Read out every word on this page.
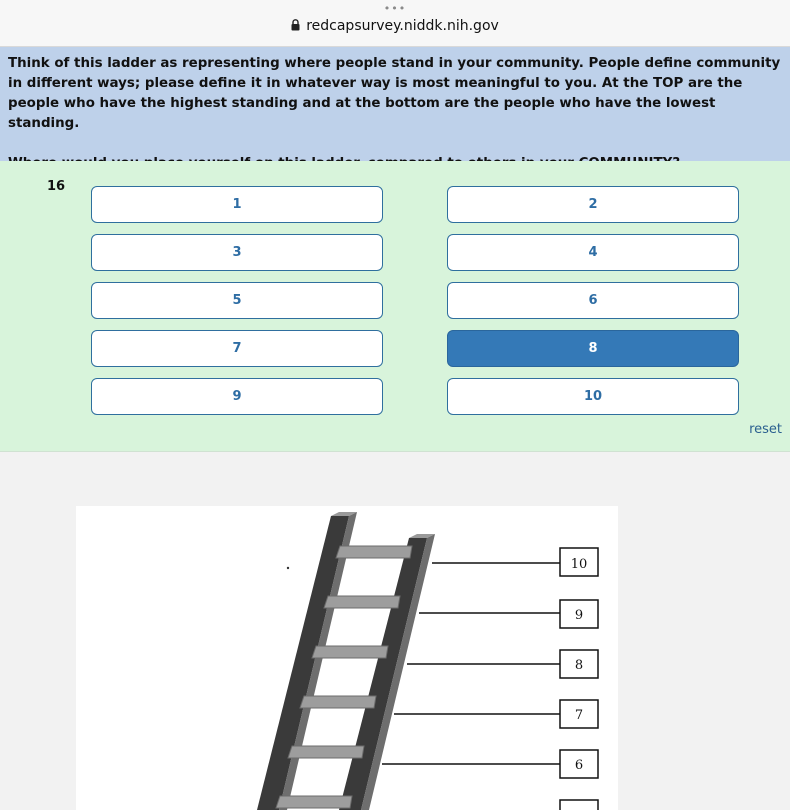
•••
redcapsurvey.niddk.nih.gov
Think of this ladder as representing where people stand in your community. People define community in different ways; please define it in whatever way is most meaningful to you. At the TOP are the people who have the highest standing and at the bottom are the people who have the lowest standing.
16
1	2
3	4
5	6
7	8
9	10
reset
10
9
8
7
6
